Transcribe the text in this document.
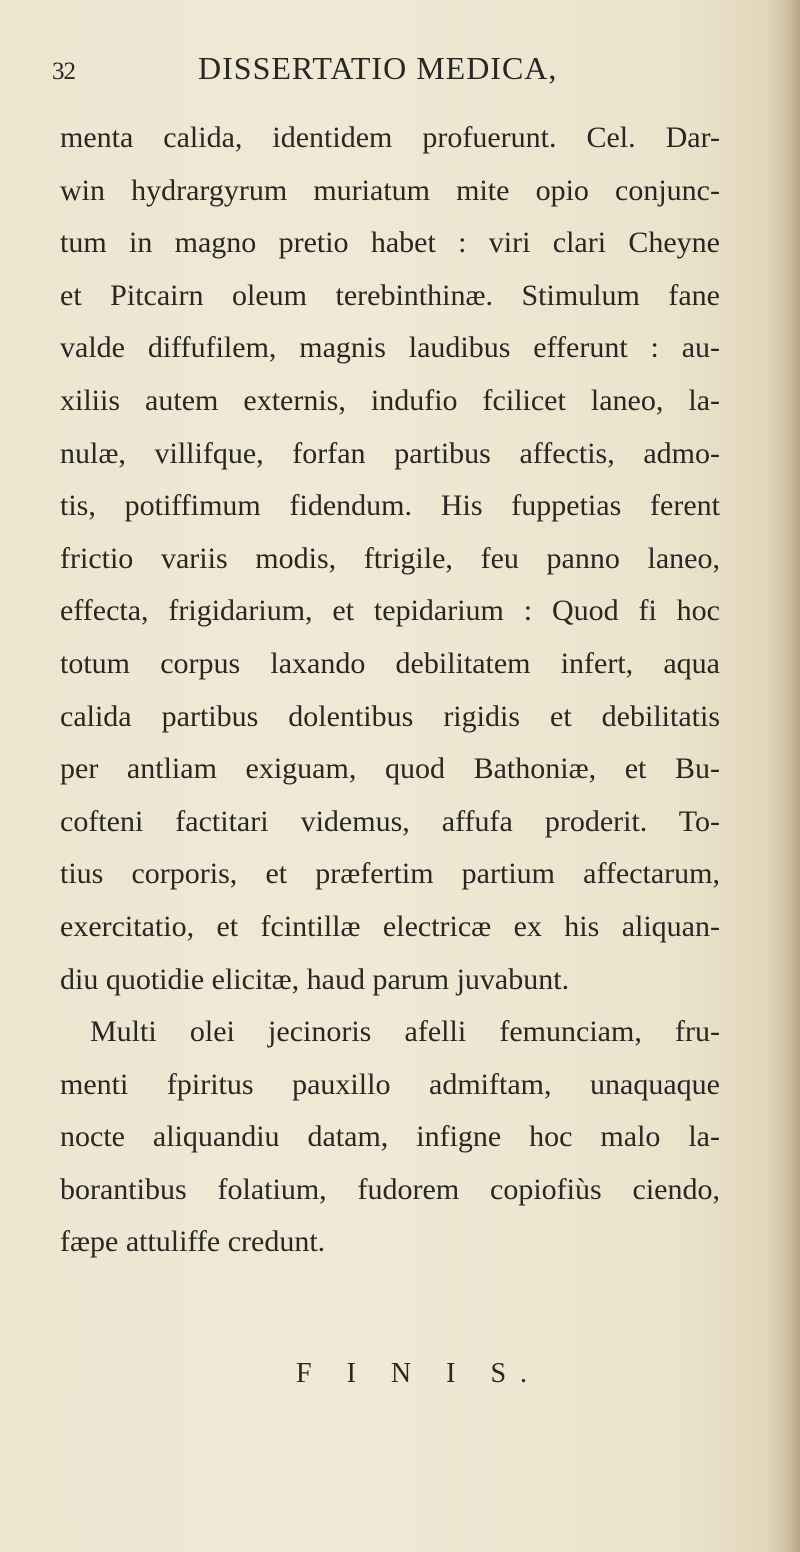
32	DISSERTATIO MEDICA,
menta calida, identidem profuerunt. Cel. Dar-
win hydrargyrum muriatum mite opio conjunc-
tum in magno pretio habet : viri clari Cheyne
et Pitcairn oleum terebinthinæ. Stimulum fane
valde diffufilem, magnis laudibus efferunt : au-
xiliis autem externis, indufio fcilicet laneo, la-
nulæ, villifque, forfan partibus affectis, admo-
tis, potiffimum fidendum. His fuppetias ferent
frictio variis modis, ftrigile, feu panno laneo,
effecta, frigidarium, et tepidarium : Quod fi hoc
totum corpus laxando debilitatem infert, aqua
calida partibus dolentibus rigidis et debilitatis
per antliam exiguam, quod Bathoniæ, et Bu-
cofteni factitari videmus, affufa proderit. To-
tius corporis, et præfertim partium affectarum,
exercitatio, et fcintillæ electricæ ex his aliquan-
diu quotidie elicitæ, haud parum juvabunt.
Multi olei jecinoris afelli femunciam, fru-
menti fpiritus pauxillo admiftam, unaquaque
nocte aliquandiu datam, infigne hoc malo la-
borantibus folatium, fudorem copiofiùs ciendo,
fæpe attuliffe credunt.
F I N I S.
